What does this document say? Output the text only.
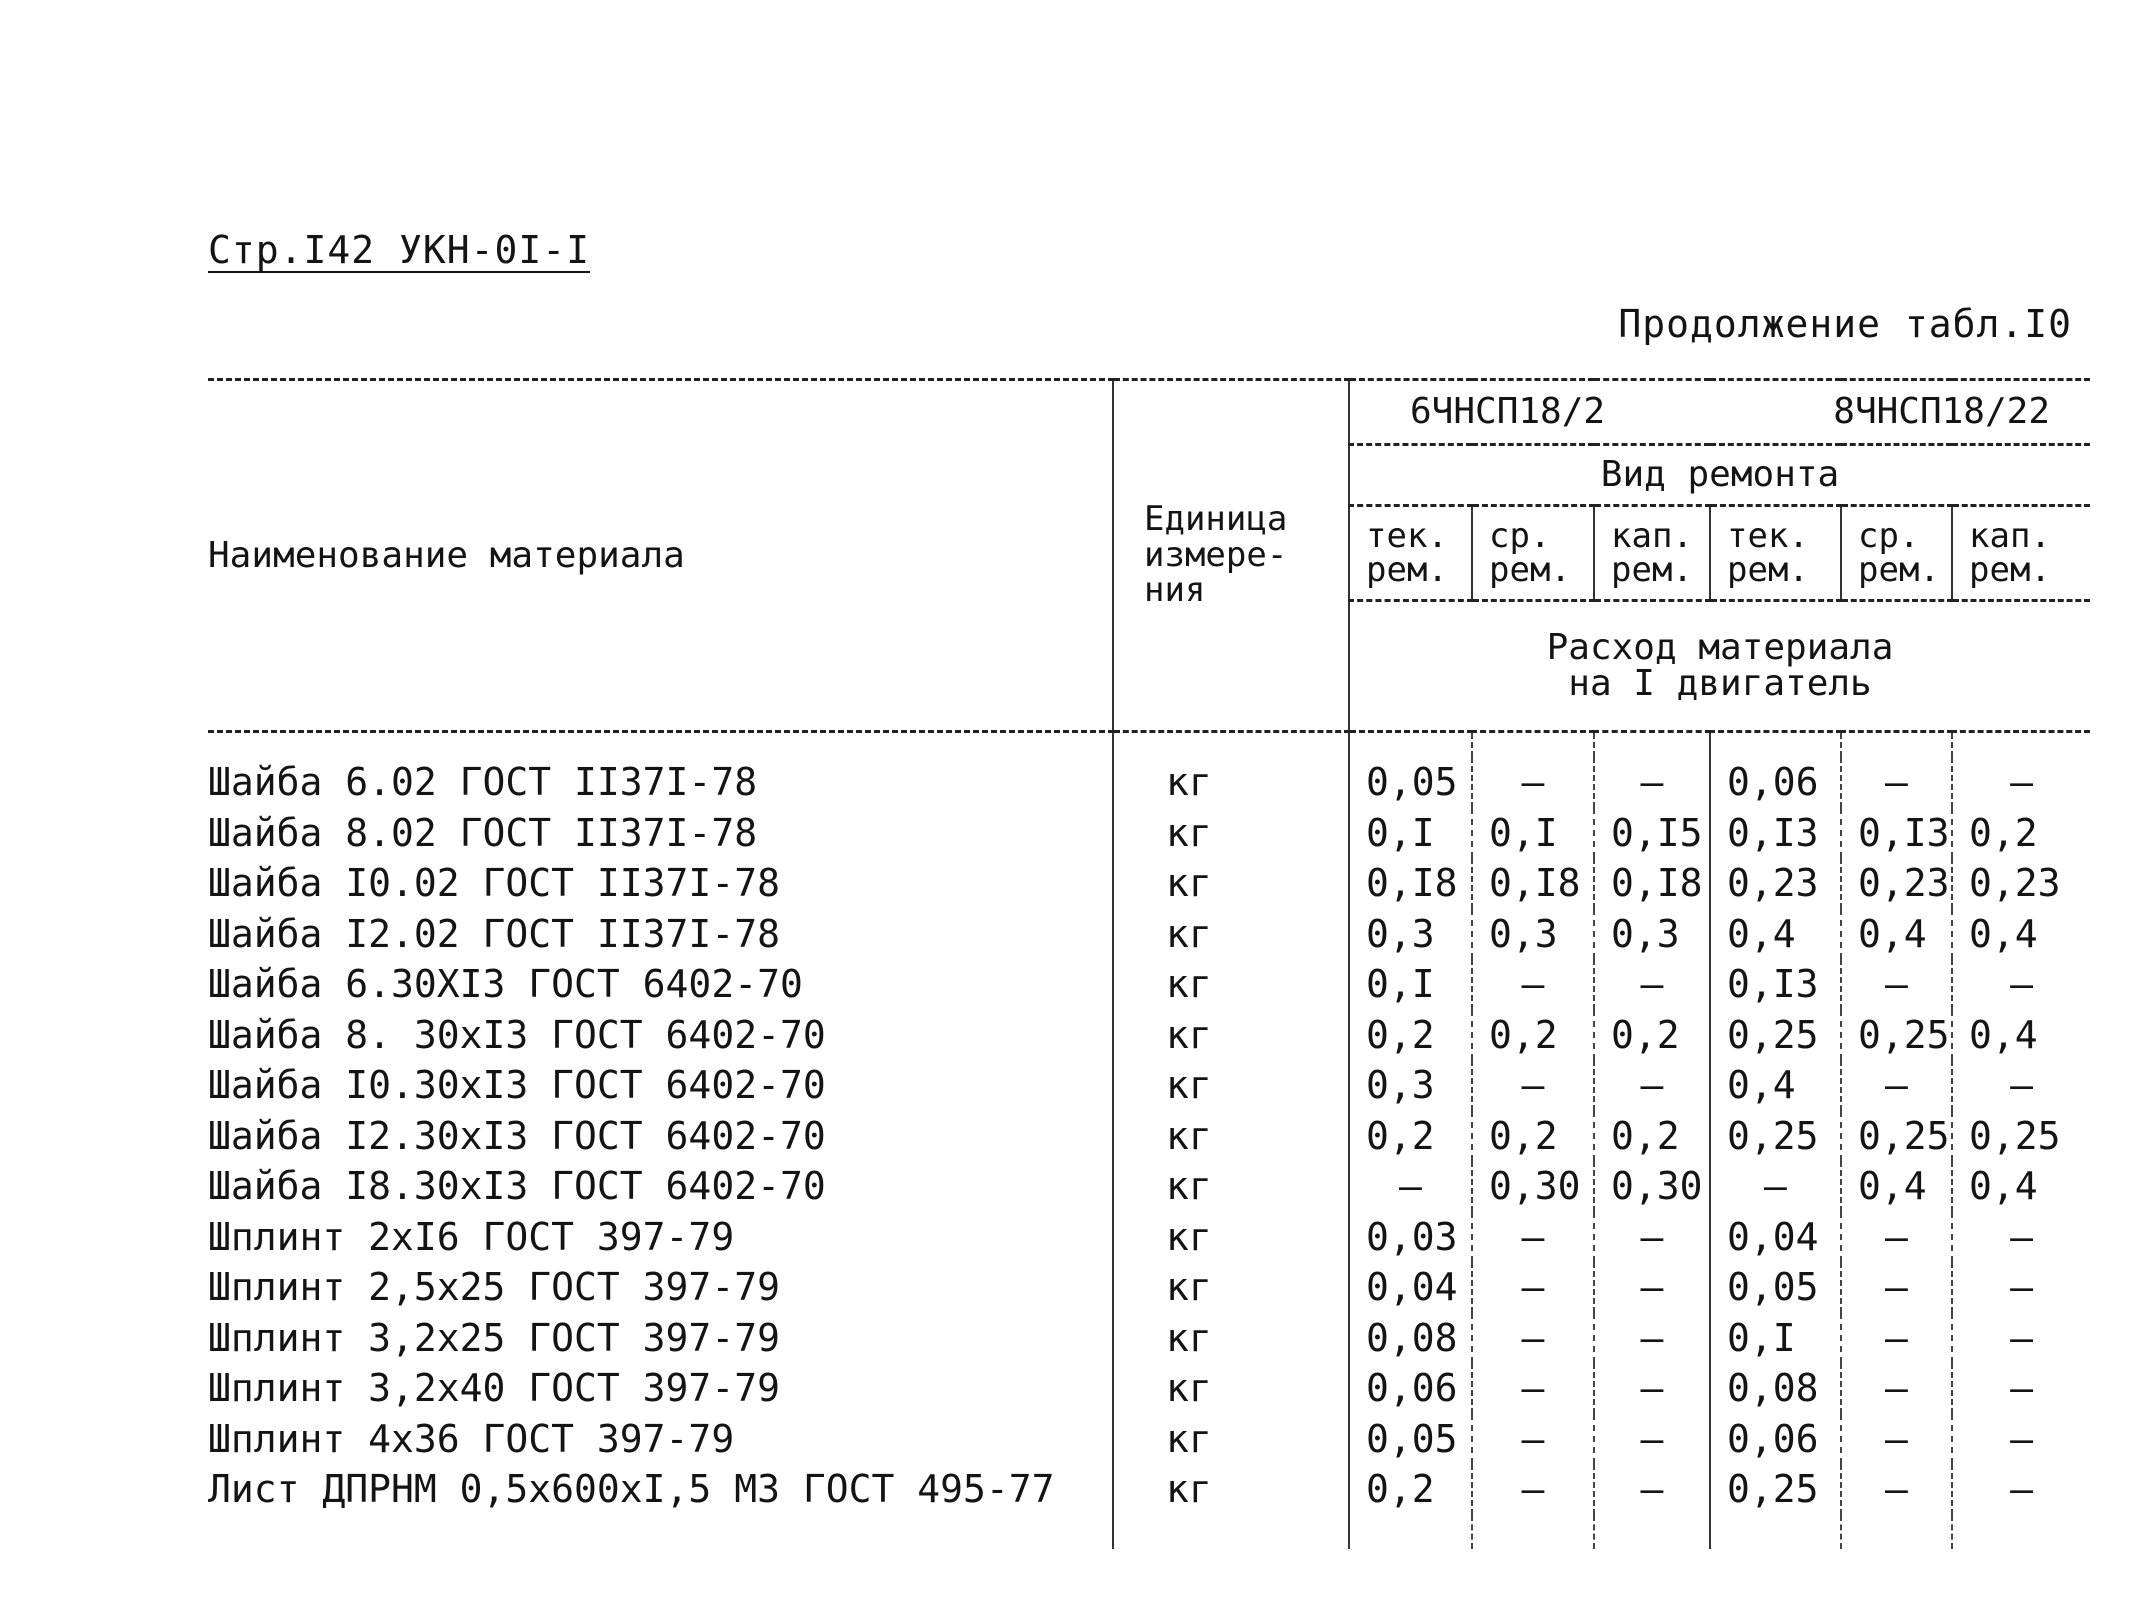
Стр.I42 УКН-0I-I
Продолжение табл.I0
Наименование материала	Единица измере- ния	6ЧНСП18/2			8ЧНСП18/22		
		Вид ремонта					
		тек. рем.	ср. рем.	кап. рем.	тек. рем.	ср. рем.	кап. рем.
		Расход материала на I двигатель					

Шайба 6.02 ГОСТ II37I-78	кг	0,05	–	–	0,06	–	–
Шайба 8.02 ГОСТ II37I-78	кг	0,I	0,I	0,I5	0,I3	0,I3	0,2
Шайба I0.02 ГОСТ II37I-78	кг	0,I8	0,I8	0,I8	0,23	0,23	0,23
Шайба I2.02 ГОСТ II37I-78	кг	0,3	0,3	0,3	0,4	0,4	0,4
Шайба 6.30ХI3 ГОСТ 6402-70	кг	0,I	–	–	0,I3	–	–
Шайба 8. 30хI3 ГОСТ 6402-70	кг	0,2	0,2	0,2	0,25	0,25	0,4
Шайба I0.30хI3 ГОСТ 6402-70	кг	0,3	–	–	0,4	–	–
Шайба I2.30хI3 ГОСТ 6402-70	кг	0,2	0,2	0,2	0,25	0,25	0,25
Шайба I8.30хI3 ГОСТ 6402-70	кг	–	0,30	0,30	–	0,4	0,4
Шплинт 2хI6 ГОСТ 397-79	кг	0,03	–	–	0,04	–	–
Шплинт 2,5х25 ГОСТ 397-79	кг	0,04	–	–	0,05	–	–
Шплинт 3,2х25 ГОСТ 397-79	кг	0,08	–	–	0,I	–	–
Шплинт 3,2х40 ГОСТ 397-79	кг	0,06	–	–	0,08	–	–
Шплинт 4х36 ГОСТ 397-79	кг	0,05	–	–	0,06	–	–
Лист ДПРНМ 0,5х600хI,5 М3 ГОСТ 495-77	кг	0,2	–	–	0,25	–	–
